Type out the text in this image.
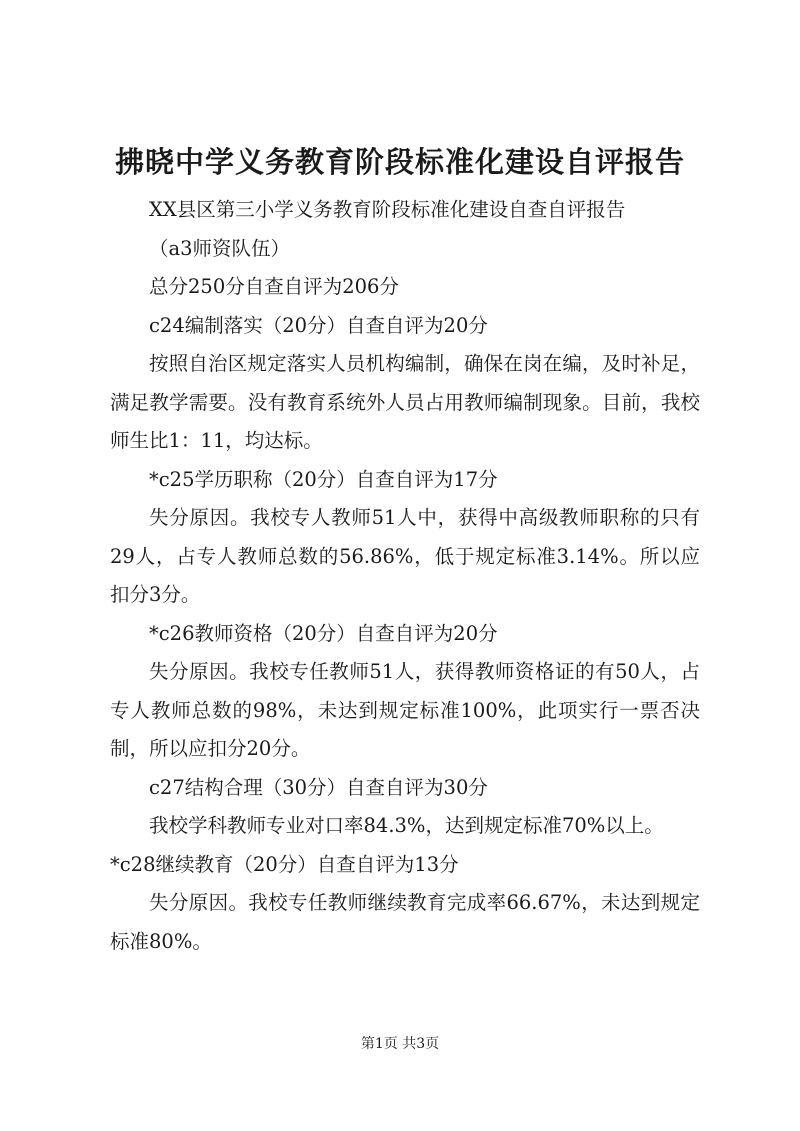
拂晓中学义务教育阶段标准化建设自评报告

XX县区第三小学义务教育阶段标准化建设自查自评报告

（a3师资队伍）

总分250分自查自评为206分

c24编制落实（20分）自查自评为20分

按照自治区规定落实人员机构编制，确保在岗在编，及时补足，满足教学需要。没有教育系统外人员占用教师编制现象。目前，我校师生比1：11，均达标。

*c25学历职称（20分）自查自评为17分

失分原因。我校专人教师51人中，获得中高级教师职称的只有29人，占专人教师总数的56.86%，低于规定标准3.14%。所以应扣分3分。

*c26教师资格（20分）自查自评为20分

失分原因。我校专任教师51人，获得教师资格证的有50人，占专人教师总数的98%，未达到规定标准100%，此项实行一票否决制，所以应扣分20分。

c27结构合理（30分）自查自评为30分

我校学科教师专业对口率84.3%，达到规定标准70%以上。

*c28继续教育（20分）自查自评为13分

失分原因。我校专任教师继续教育完成率66.67%，未达到规定标准80%。

第1页 共3页
